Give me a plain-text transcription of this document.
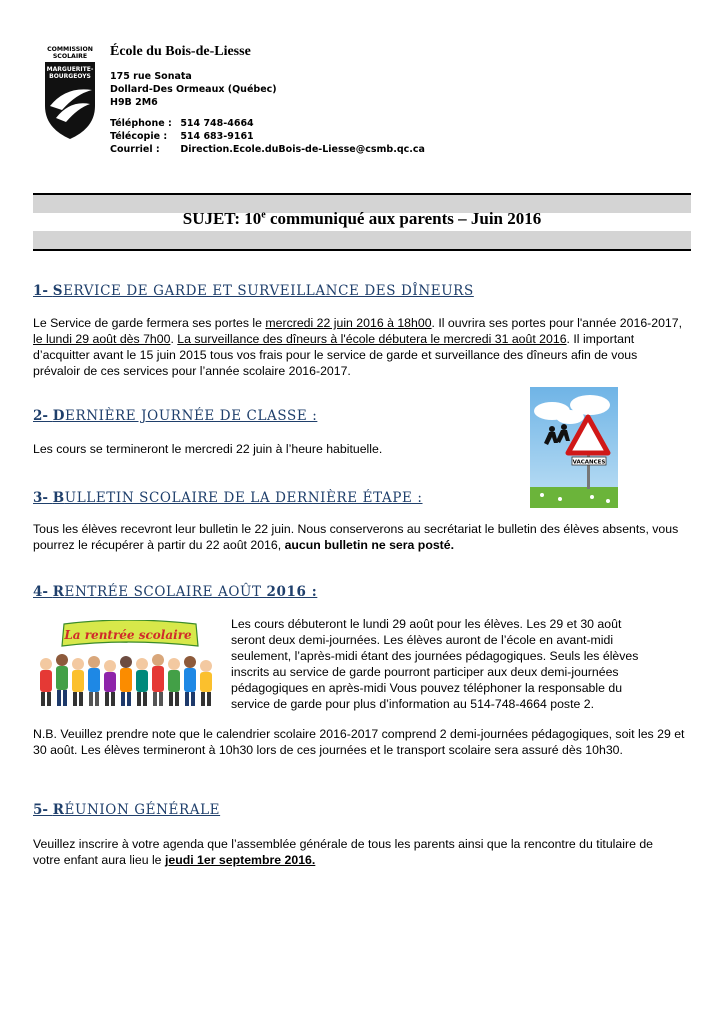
COMMISSION
SCOLAIRE
MARGUERITE-
BOURGEOYS
École du Bois-de-Liesse
175 rue Sonata
Dollard-Des Ormeaux (Québec)
H9B 2M6
Téléphone : 514 748-4664
Télécopie : 514 683-9161
Courriel : Direction.Ecole.duBois-de-Liesse@csmb.qc.ca
SUJET: 10e communiqué aux parents – Juin 2016
1- SERVICE DE GARDE ET SURVEILLANCE DES DÎNEURS
Le Service de garde fermera ses portes le mercredi 22 juin 2016 à 18h00. Il ouvrira ses portes pour l'année 2016-2017, le lundi 29 août dès 7h00. La surveillance des dîneurs à l'école débutera le mercredi 31 août 2016. Il important d’acquitter avant le 15 juin 2015 tous vos frais pour le service de garde et surveillance des dîneurs afin de vous prévaloir de ces services pour l’année scolaire 2016-2017.
2- DERNIÈRE JOURNÉE DE CLASSE :
Les cours se termineront le mercredi 22 juin à l’heure habituelle.
VACANCES
3- BULLETIN SCOLAIRE DE LA DERNIÈRE ÉTAPE :
Tous les élèves recevront leur bulletin le 22 juin. Nous conserverons au secrétariat le bulletin des élèves absents, vous pourrez le récupérer à partir du 22 août 2016, aucun bulletin ne sera posté.
4- RENTRÉE SCOLAIRE AOÛT 2016 :
La rentrée scolaire
Les cours débuteront le lundi 29 août pour les élèves. Les 29 et 30 août
seront deux demi-journées. Les élèves auront de l’école en avant-midi
seulement, l’après-midi étant des journées pédagogiques. Seuls les élèves
inscrits au service de garde pourront participer aux deux demi-journées
pédagogiques en après-midi Vous pouvez téléphoner la responsable du
service de garde pour plus d’information au 514-748-4664 poste 2.
N.B. Veuillez prendre note que le calendrier scolaire 2016-2017 comprend 2 demi-journées pédagogiques, soit les 29 et 30 août. Les élèves termineront à 10h30 lors de ces journées et le transport scolaire sera assuré dès 10h30.
5- RÉUNION GÉNÉRALE
Veuillez inscrire à votre agenda que l’assemblée générale de tous les parents ainsi que la rencontre du titulaire de votre enfant aura lieu le jeudi 1er septembre 2016.
